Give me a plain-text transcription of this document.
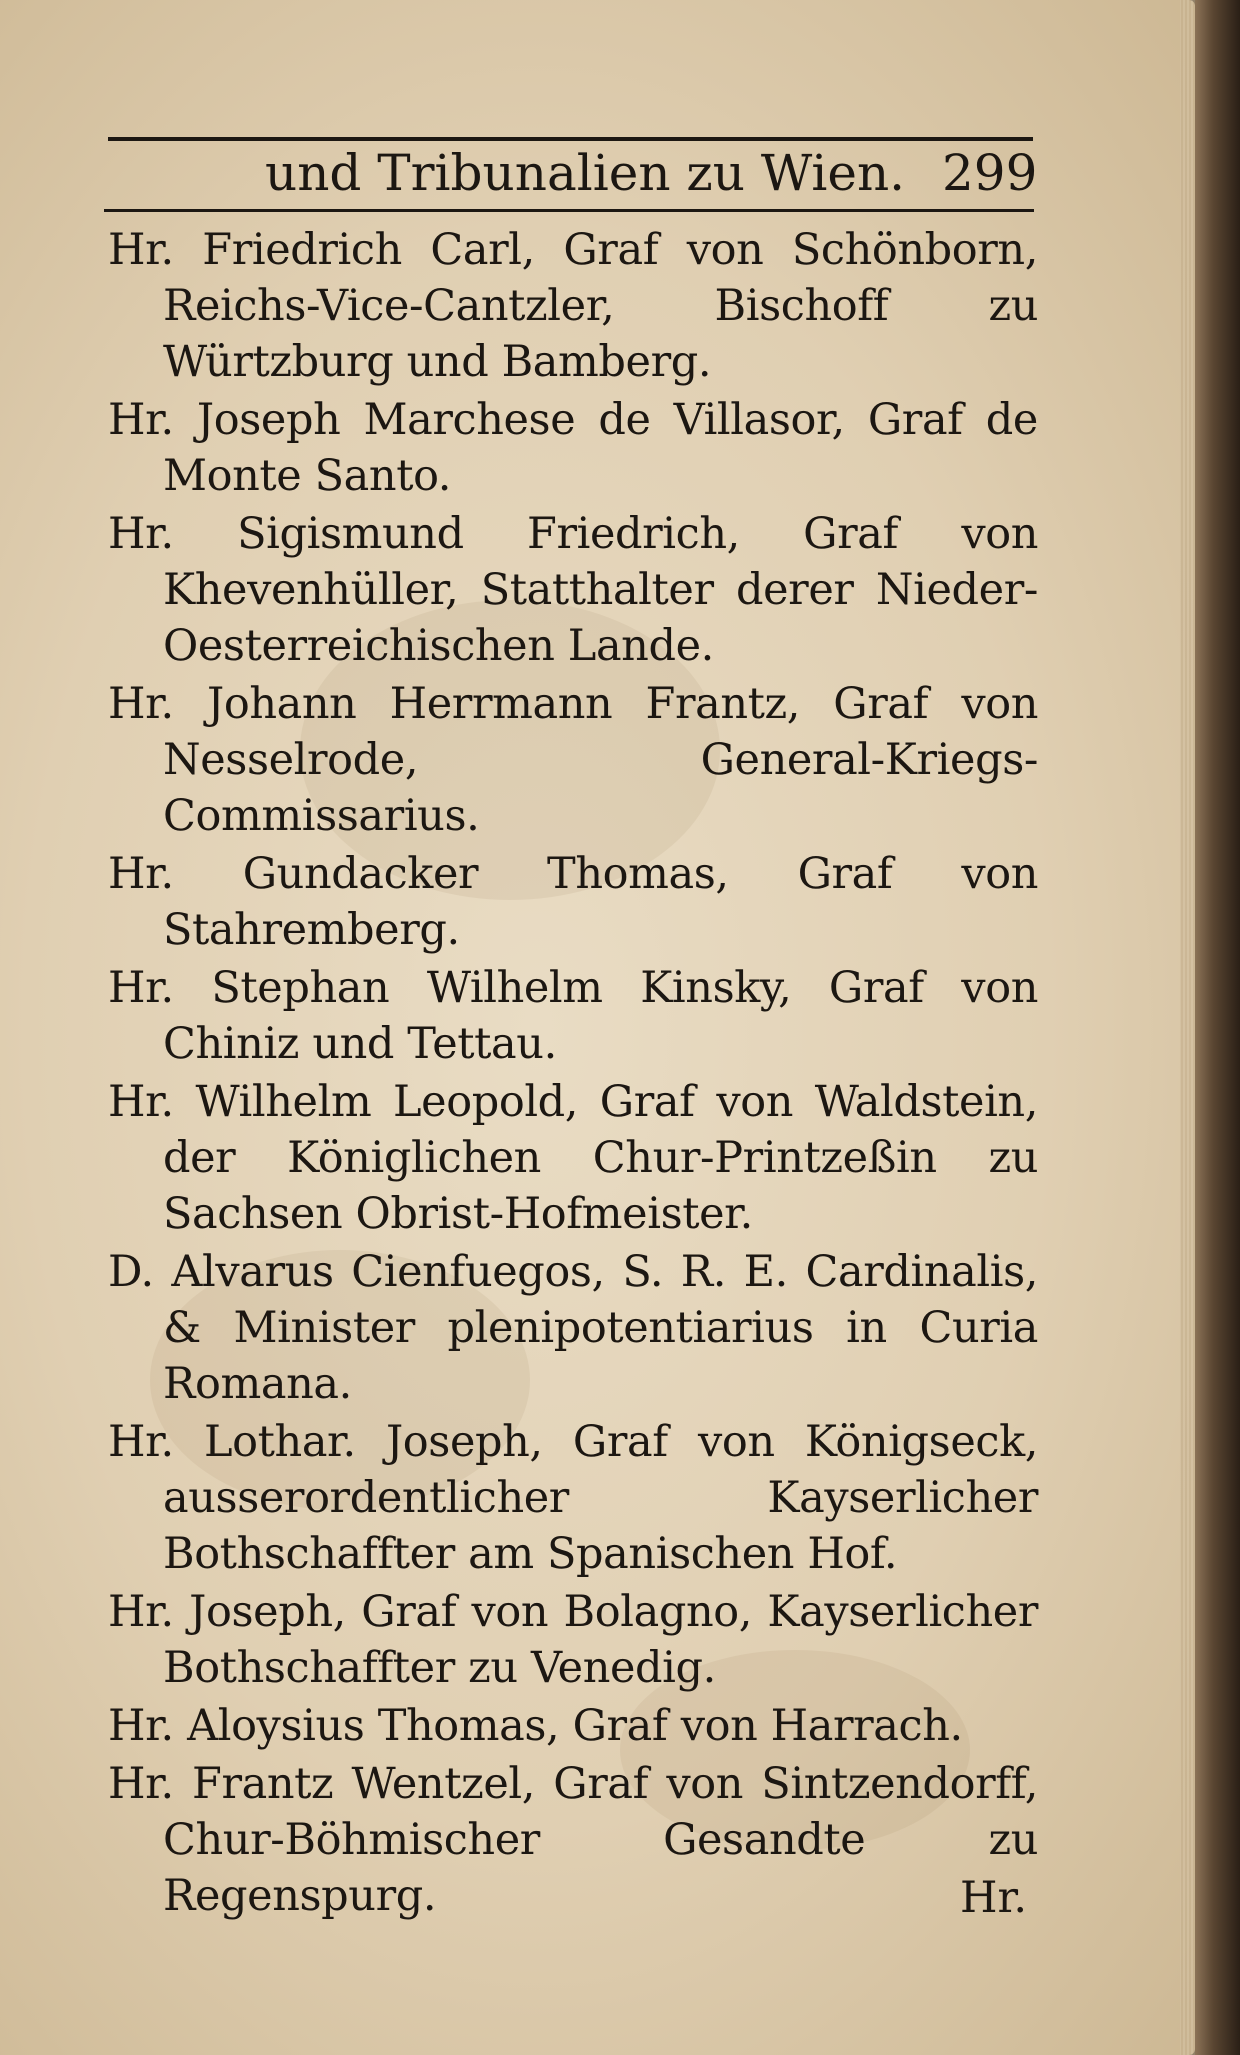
und Tribunalien zu Wien. 299

Hr. Friedrich Carl, Graf von Schönborn, Reichs-Vice-Cantzler, Bischoff zu Würtzburg und Bamberg.

Hr. Joseph Marchese de Villasor, Graf de Monte Santo.

Hr. Sigismund Friedrich, Graf von Khevenhüller, Statthalter derer Nieder-Oesterreichischen Lande.

Hr. Johann Herrmann Frantz, Graf von Nesselrode, General-Kriegs-Commissarius.

Hr. Gundacker Thomas, Graf von Stahremberg.

Hr. Stephan Wilhelm Kinsky, Graf von Chiniz und Tettau.

Hr. Wilhelm Leopold, Graf von Waldstein, der Königlichen Chur-Printzeßin zu Sachsen Obrist-Hofmeister.

D. Alvarus Cienfuegos, S. R. E. Cardinalis, & Minister plenipotentiarius in Curia Romana.

Hr. Lothar. Joseph, Graf von Königseck, ausserordentlicher Kayserlicher Bothschaffter am Spanischen Hof.

Hr. Joseph, Graf von Bolagno, Kayserlicher Bothschaffter zu Venedig.

Hr. Aloysius Thomas, Graf von Harrach.

Hr. Frantz Wentzel, Graf von Sintzendorff, Chur-Böhmischer Gesandte zu Regenspurg.	Hr.
